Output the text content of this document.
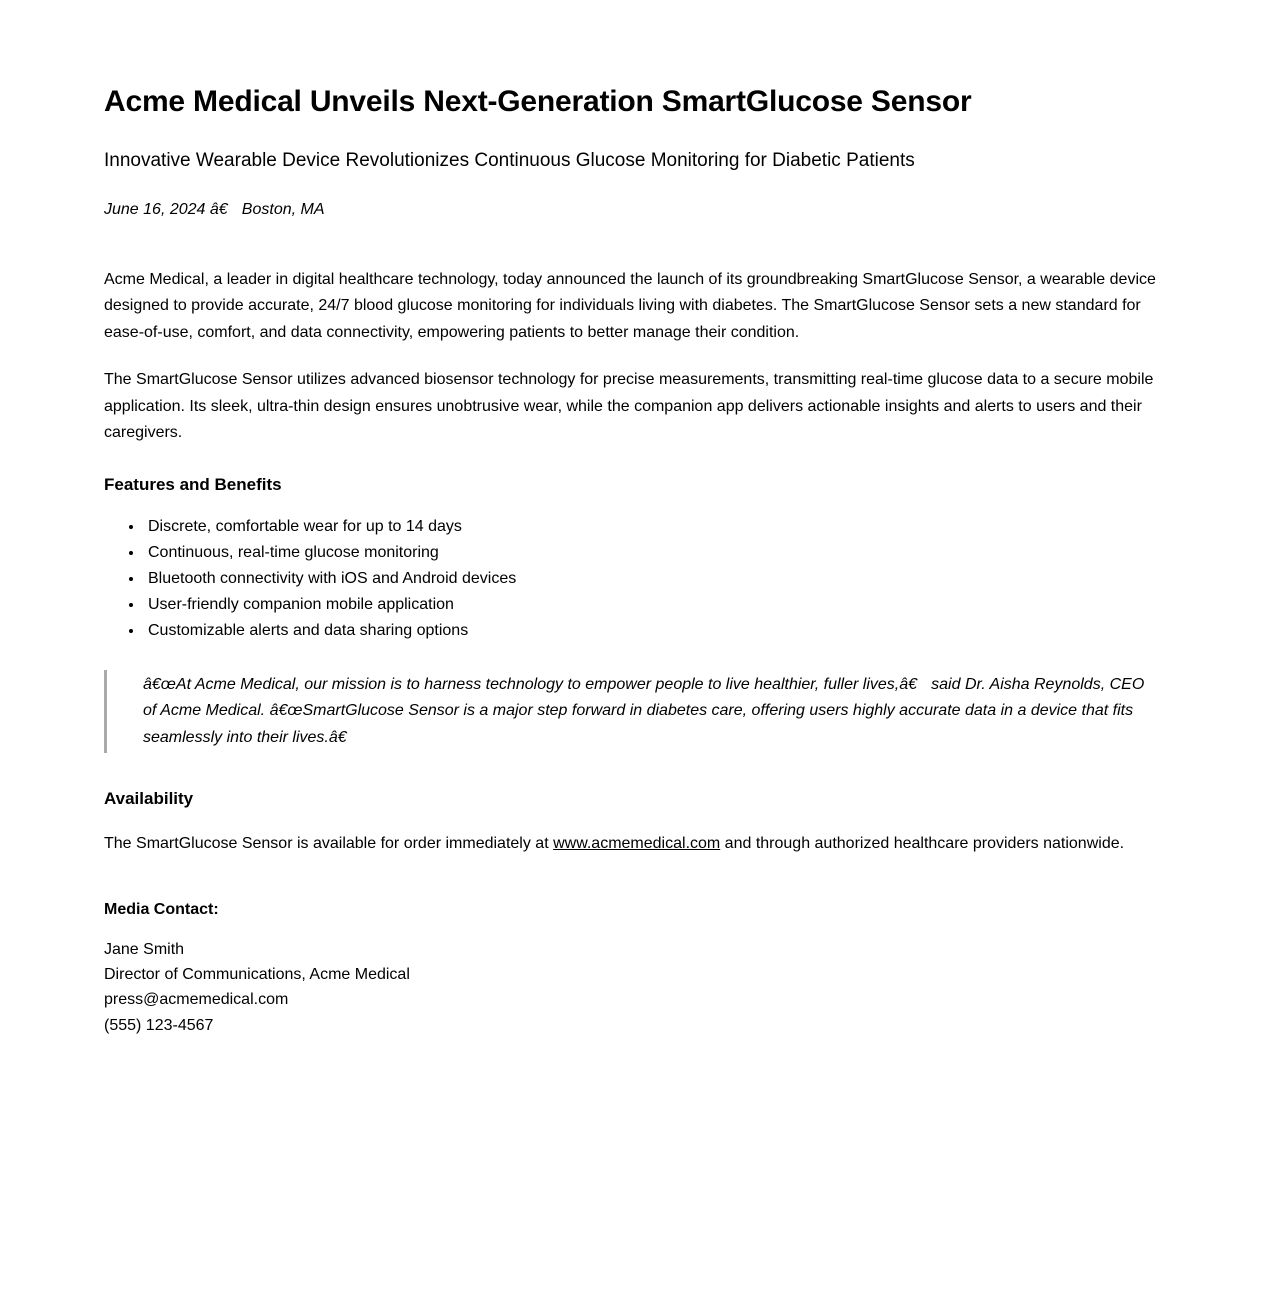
Acme Medical Unveils Next-Generation SmartGlucose Sensor

Innovative Wearable Device Revolutionizes Continuous Glucose Monitoring for Diabetic Patients

June 16, 2024 â€ Boston, MA

Acme Medical, a leader in digital healthcare technology, today announced the launch of its groundbreaking SmartGlucose Sensor, a wearable device designed to provide accurate, 24/7 blood glucose monitoring for individuals living with diabetes. The SmartGlucose Sensor sets a new standard for ease-of-use, comfort, and data connectivity, empowering patients to better manage their condition.

The SmartGlucose Sensor utilizes advanced biosensor technology for precise measurements, transmitting real-time glucose data to a secure mobile application. Its sleek, ultra-thin design ensures unobtrusive wear, while the companion app delivers actionable insights and alerts to users and their caregivers.

Features and Benefits
• Discrete, comfortable wear for up to 14 days
• Continuous, real-time glucose monitoring
• Bluetooth connectivity with iOS and Android devices
• User-friendly companion mobile application
• Customizable alerts and data sharing options

â€œAt Acme Medical, our mission is to harness technology to empower people to live healthier, fuller lives,â€ said Dr. Aisha Reynolds, CEO of Acme Medical. â€œSmartGlucose Sensor is a major step forward in diabetes care, offering users highly accurate data in a device that fits seamlessly into their lives.â€

Availability

The SmartGlucose Sensor is available for order immediately at www.acmemedical.com and through authorized healthcare providers nationwide.

Media Contact:

Jane Smith
Director of Communications, Acme Medical
press@acmemedical.com
(555) 123-4567
